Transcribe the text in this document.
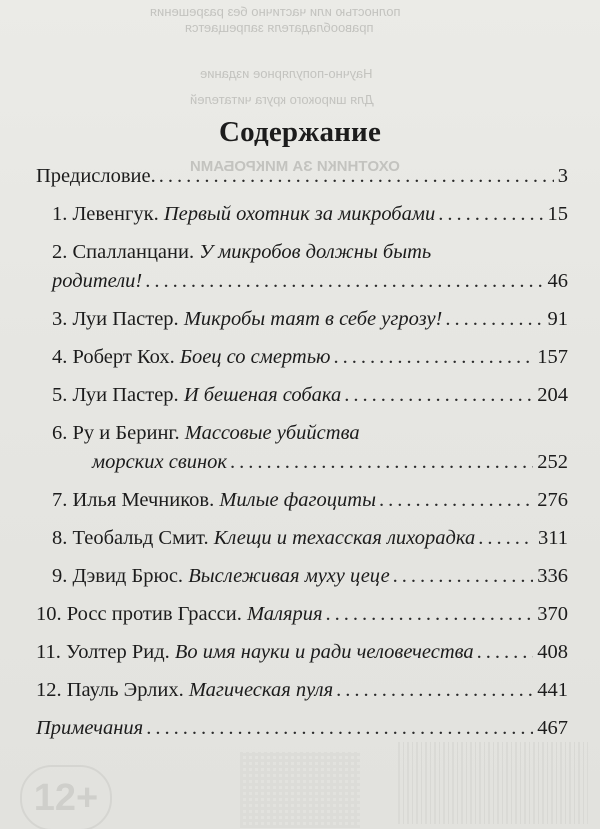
полностью или частично без разрешения
правообладателя запрещается
Научно-популярное издание
Для широкого круга читателей
ОХОТНИКИ ЗА МИКРОБАМИ
12+
Содержание
Предисловие. .....	3
1. Левенгук. Первый охотник за микробами .....	15
2. Спалланцани. У микробов должны быть
родители! .....	46
3. Луи Пастер. Микробы таят в себе угрозу! .....	91
4. Роберт Кох. Боец со смертью .....	157
5. Луи Пастер. И бешеная собака .....	204
6. Ру и Беринг. Массовые убийства
морских свинок .....	252
7. Илья Мечников. Милые фагоциты .....	276
8. Теобальд Смит. Клещи и техасская лихорадка .....	311
9. Дэвид Брюс. Выслеживая муху цеце .....	336
10. Росс против Грасси. Малярия .....	370
11. Уолтер Рид. Во имя науки и ради человечества .....	408
12. Пауль Эрлих. Магическая пуля .....	441
Примечания .....	467
